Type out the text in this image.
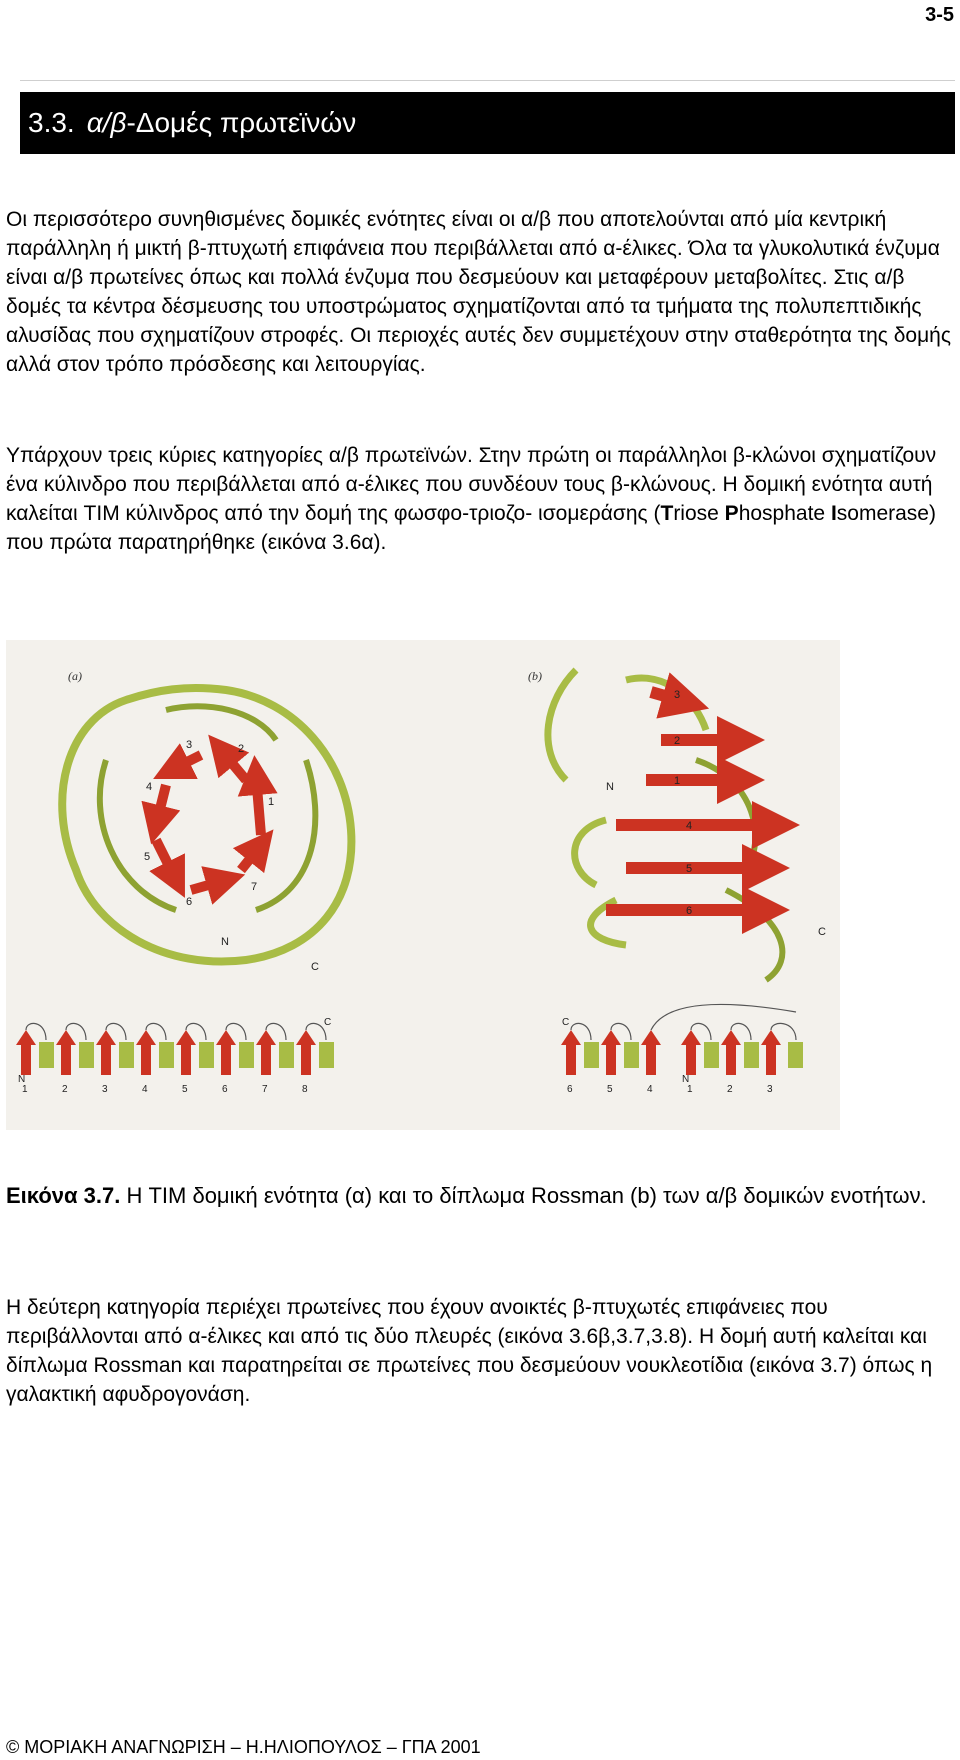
3-5
3.3. α/β -Δομές πρωτεϊνών

Οι περισσότερο συνηθισμένες δομικές ενότητες είναι οι α/β που αποτελούνται από μία κεντρική παράλληλη ή μικτή β-πτυχωτή επιφάνεια που περιβάλλεται από α-έλικες. Όλα τα γλυκολυτικά ένζυμα είναι α/β πρωτείνες όπως και πολλά ένζυμα που δεσμεύουν και μεταφέρουν μεταβολίτες. Στις α/β δομές τα κέντρα δέσμευσης του υποστρώματος σχηματίζονται από τα τμήματα της πολυπεπτιδικής αλυσίδας που σχηματίζουν στροφές. Οι περιοχές αυτές δεν συμμετέχουν στην σταθερότητα της δομής αλλά στον τρόπο πρόσδεσης και λειτουργίας.

Υπάρχουν τρεις κύριες κατηγορίες α/β πρωτεϊνών. Στην πρώτη οι παράλληλοι β-κλώνοι σχηματίζουν ένα κύλινδρο που περιβάλλεται από α-έλικες που συνδέουν τους β-κλώνους. Η δομική ενότητα αυτή καλείται TIM κύλινδρος από την δομή της φωσφο-τριοζο- ισομεράσης (Triose Phosphate Isomerase) που πρώτα παρατηρήθηκε (εικόνα 3.6α).

(a)	(b)
1
2
3
4
5
6
7
N
C
3
2
1
4
5
6
N
C
1	2	3	4	5	6	7	8
N
C
6	5	4	1	2	3
C
N

Εικόνα 3.7. Η TIM δομική ενότητα (α) και το δίπλωμα Rossman (b) των α/β δομικών ενοτήτων.

Η δεύτερη κατηγορία περιέχει πρωτείνες που έχουν ανοικτές β-πτυχωτές επιφάνειες που περιβάλλονται από α-έλικες και από τις δύο πλευρές (εικόνα 3.6β,3.7,3.8). Η δομή αυτή καλείται και δίπλωμα Rossman και παρατηρείται σε πρωτείνες που δεσμεύουν νουκλεοτίδια (εικόνα 3.7) όπως η γαλακτική αφυδρογονάση.

© ΜΟΡΙΑΚΗ ΑΝΑΓΝΩΡΙΣΗ – Η.ΗΛΙΟΠΟΥΛΟΣ – ΓΠΑ 2001
